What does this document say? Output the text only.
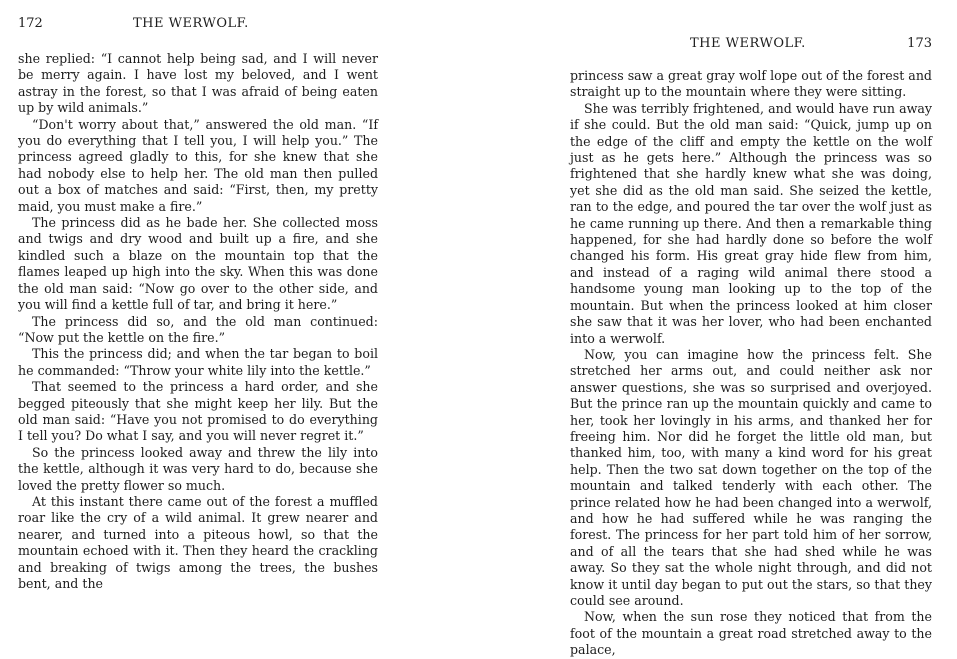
172	THE WERWOLF.

she replied: “I cannot help being sad, and I will never be merry again. I have lost my beloved, and I went astray in the forest, so that I was afraid of being eaten up by wild animals.”

“Don't worry about that,” answered the old man. “If you do everything that I tell you, I will help you.” The princess agreed gladly to this, for she knew that she had nobody else to help her. The old man then pulled out a box of matches and said: “First, then, my pretty maid, you must make a fire.”

The princess did as he bade her. She collected moss and twigs and dry wood and built up a fire, and she kindled such a blaze on the mountain top that the flames leaped up high into the sky. When this was done the old man said: “Now go over to the other side, and you will find a kettle full of tar, and bring it here.”

The princess did so, and the old man continued: “Now put the kettle on the fire.”

This the princess did; and when the tar began to boil he commanded: “Throw your white lily into the kettle.”

That seemed to the princess a hard order, and she begged piteously that she might keep her lily. But the old man said: “Have you not promised to do everything I tell you? Do what I say, and you will never regret it.”

So the princess looked away and threw the lily into the kettle, although it was very hard to do, because she loved the pretty flower so much.

At this instant there came out of the forest a muffled roar like the cry of a wild animal. It grew nearer and nearer, and turned into a piteous howl, so that the mountain echoed with it. Then they heard the crackling and breaking of twigs among the trees, the bushes bent, and the

THE WERWOLF.	173

princess saw a great gray wolf lope out of the forest and straight up to the mountain where they were sitting.

She was terribly frightened, and would have run away if she could. But the old man said: “Quick, jump up on the edge of the cliff and empty the kettle on the wolf just as he gets here.” Although the princess was so frightened that she hardly knew what she was doing, yet she did as the old man said. She seized the kettle, ran to the edge, and poured the tar over the wolf just as he came running up there. And then a remarkable thing happened, for she had hardly done so before the wolf changed his form. His great gray hide flew from him, and instead of a raging wild animal there stood a handsome young man looking up to the top of the mountain. But when the princess looked at him closer she saw that it was her lover, who had been enchanted into a werwolf.

Now, you can imagine how the princess felt. She stretched her arms out, and could neither ask nor answer questions, she was so surprised and overjoyed. But the prince ran up the mountain quickly and came to her, took her lovingly in his arms, and thanked her for freeing him. Nor did he forget the little old man, but thanked him, too, with many a kind word for his great help. Then the two sat down together on the top of the mountain and talked tenderly with each other. The prince related how he had been changed into a werwolf, and how he had suffered while he was ranging the forest. The princess for her part told him of her sorrow, and of all the tears that she had shed while he was away. So they sat the whole night through, and did not know it until day began to put out the stars, so that they could see around.

Now, when the sun rose they noticed that from the foot of the mountain a great road stretched away to the palace,
